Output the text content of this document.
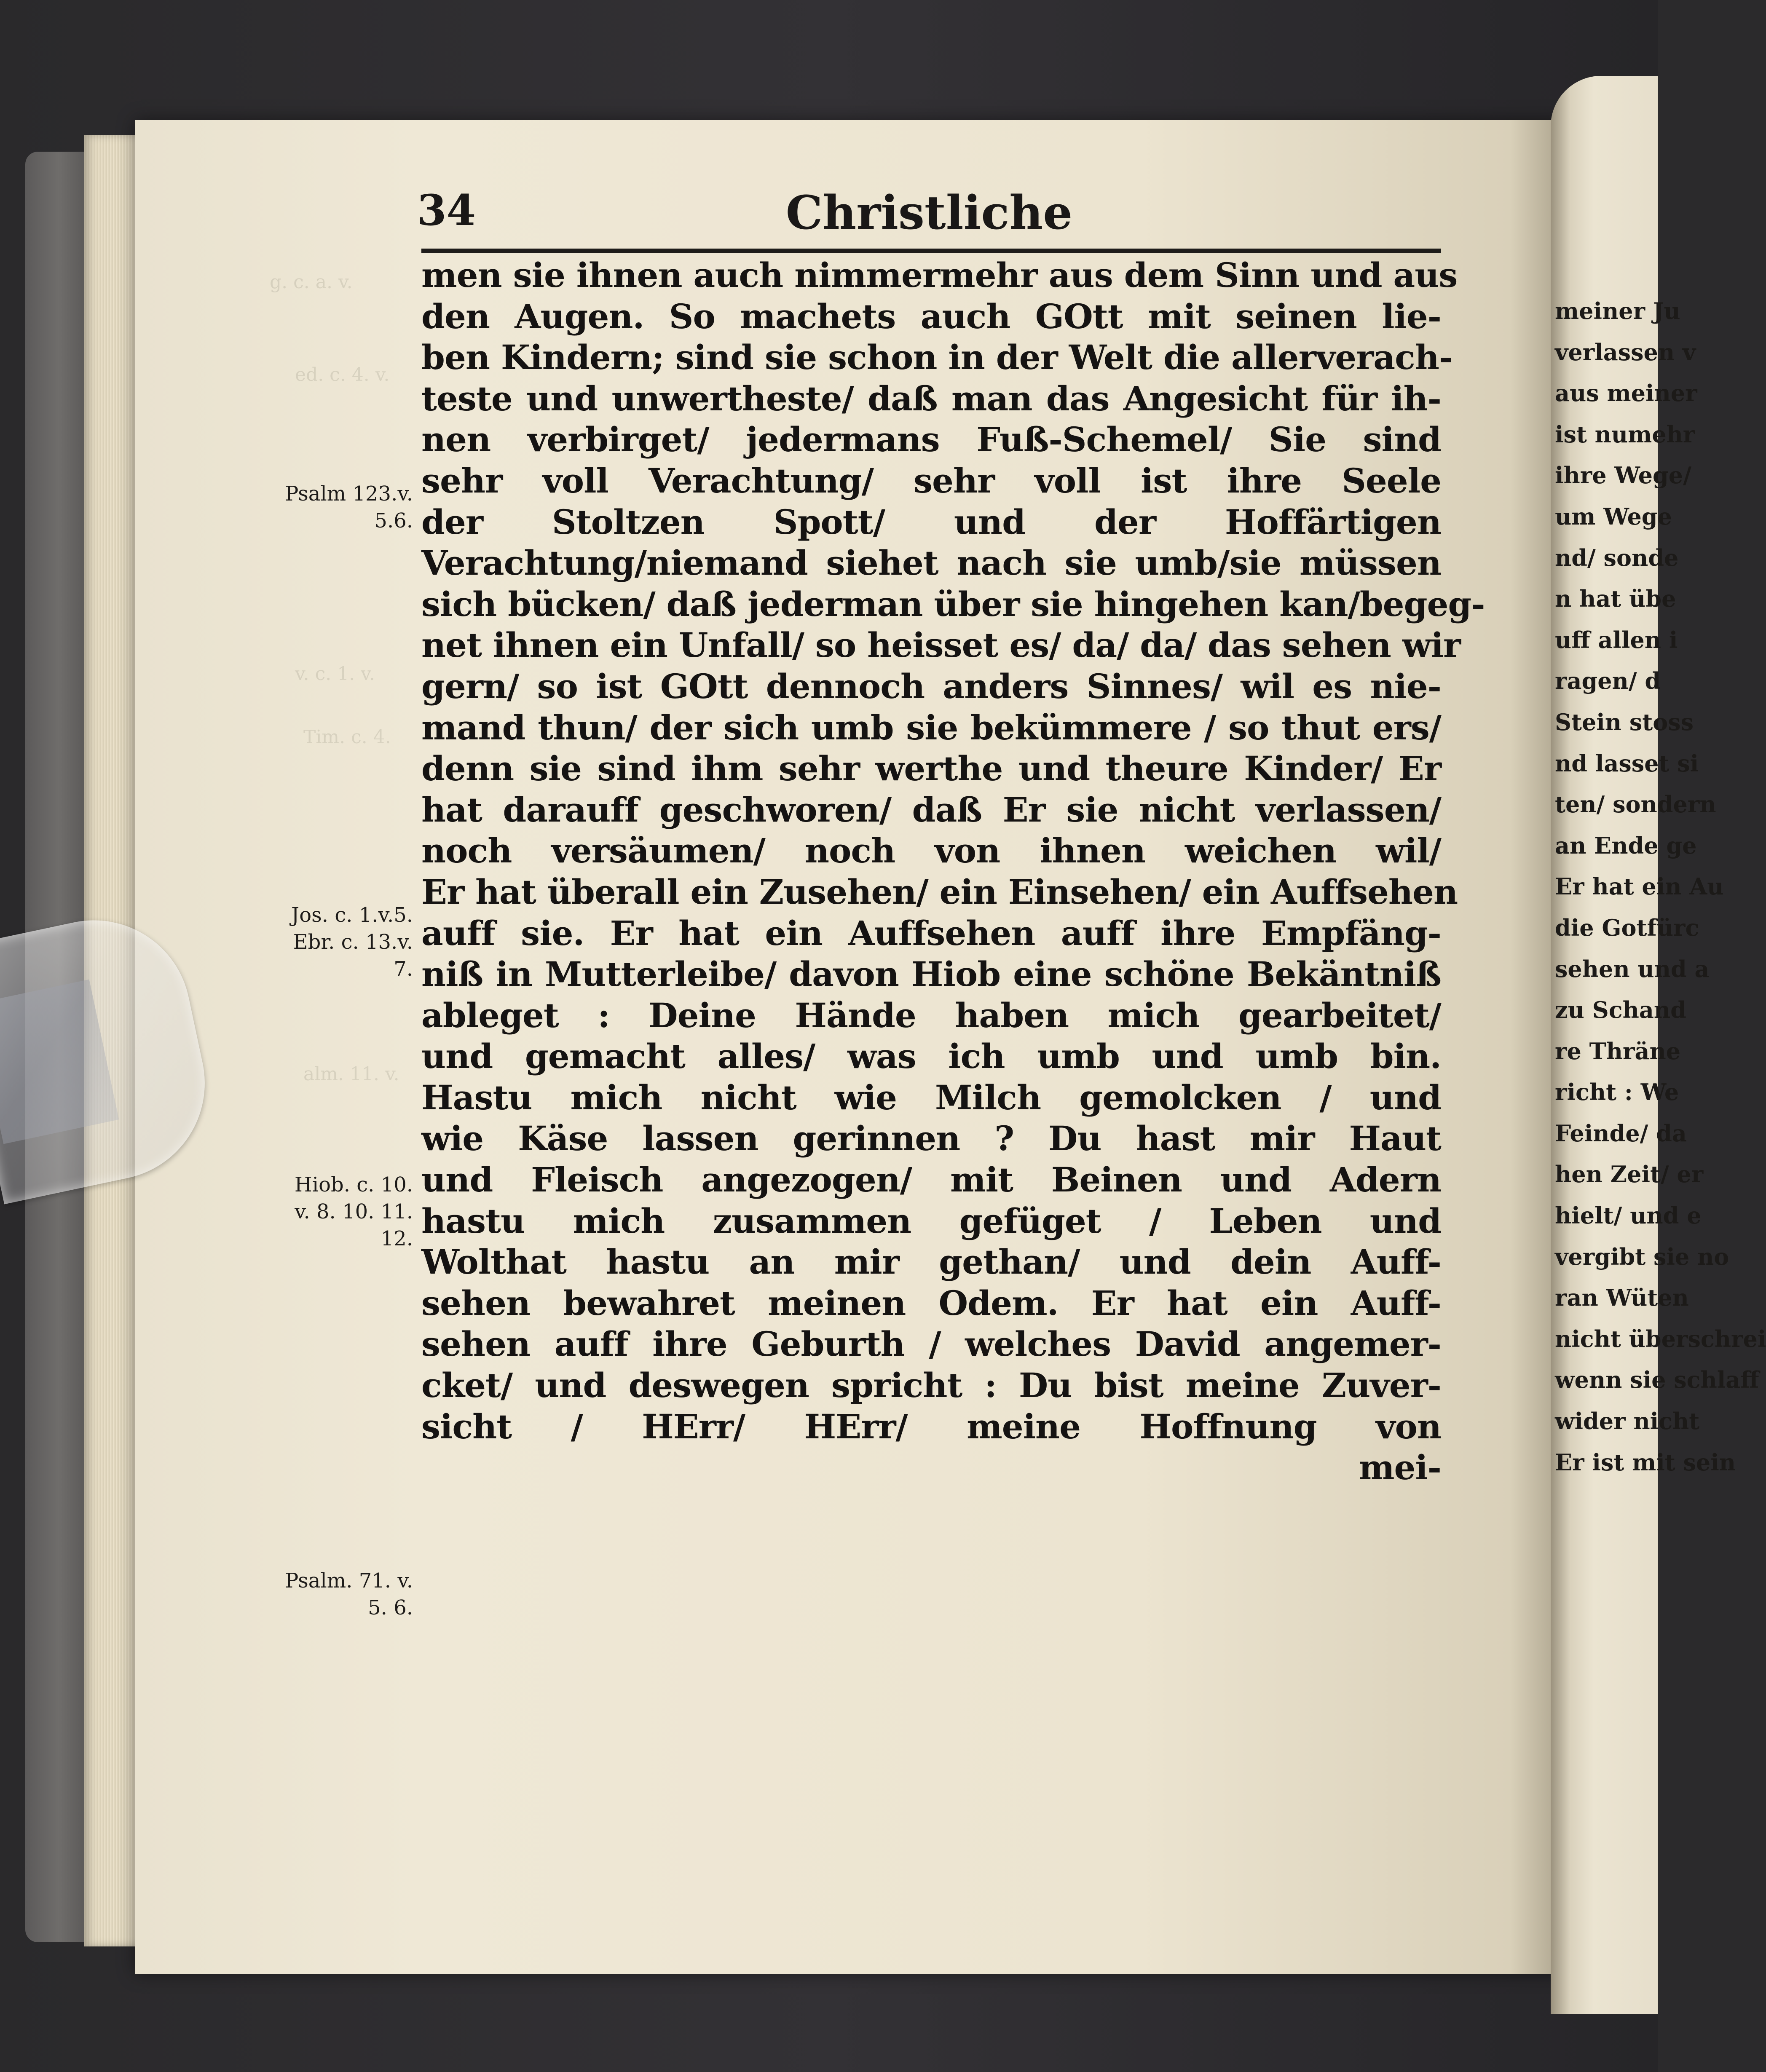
g. c. a. v.
ed. c. 4. v.
v. c. 1. v.
Tim. c. 4.
alm. 11. v.
34	Christliche
men sie ihnen auch nimmermehr aus dem Sinn und aus
den Augen. So machets auch GOtt mit seinen lie-
ben Kindern; sind sie schon in der Welt die allerverach-
teste und unwertheste/ daß man das Angesicht für ih-
nen verbirget/ jedermans Fuß-Schemel/ Sie sind
sehr voll Verachtung/ sehr voll ist ihre Seele
der Stoltzen Spott/ und der Hoffärtigen
Verachtung/niemand siehet nach sie umb/sie müssen
sich bücken/ daß jederman über sie hingehen kan/begeg-
net ihnen ein Unfall/ so heisset es/ da/ da/ das sehen wir
gern/ so ist GOtt dennoch anders Sinnes/ wil es nie-
mand thun/ der sich umb sie bekümmere / so thut ers/
denn sie sind ihm sehr werthe und theure Kinder/ Er
hat darauff geschworen/ daß Er sie nicht verlassen/
noch versäumen/ noch von ihnen weichen wil/
Er hat überall ein Zusehen/ ein Einsehen/ ein Auffsehen
auff sie. Er hat ein Auffsehen auff ihre Empfäng-
niß in Mutterleibe/ davon Hiob eine schöne Bekäntniß
ableget : Deine Hände haben mich gearbeitet/
und gemacht alles/ was ich umb und umb bin.
Hastu mich nicht wie Milch gemolcken / und
wie Käse lassen gerinnen ? Du hast mir Haut
und Fleisch angezogen/ mit Beinen und Adern
hastu mich zusammen gefüget / Leben und
Wolthat hastu an mir gethan/ und dein Auff-
sehen bewahret meinen Odem. Er hat ein Auff-
sehen auff ihre Geburth / welches David angemer-
cket/ und deswegen spricht : Du bist meine Zuver-
sicht / HErr/ HErr/ meine Hoffnung von
mei-
Psalm 123.v.
5.6.
Jos. c. 1.v.5.
Ebr. c. 13.v.
7.
Hiob. c. 10.
v. 8. 10. 11.
12.
Psalm. 71. v.
5. 6.
meiner Ju
verlassen v
aus meiner
ist numehr
ihre Wege/
um Wege
nd/ sonde
n hat übe
uff allen i
ragen/ d
Stein stoss
nd lasset si
ten/ sondern
an Ende ge
Er hat ein Au
die Gotfürc
sehen und a
zu Schand
re Thräne
richt : We
Feinde/ da
hen Zeit/ er
hielt/ und e
vergibt sie no
ran Wüten
nicht überschrei
wenn sie schlaff
wider nicht
Er ist mit sein
